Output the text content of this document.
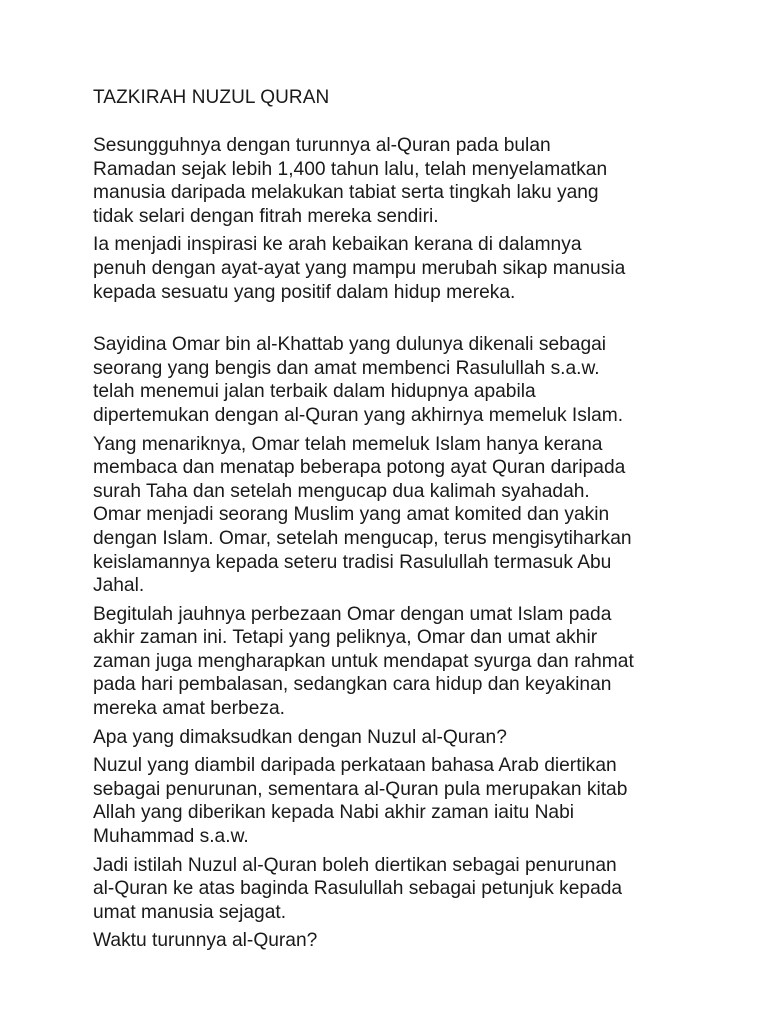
TAZKIRAH NUZUL QURAN

Sesungguhnya dengan turunnya al-Quran pada bulan
Ramadan sejak lebih 1,400 tahun lalu, telah menyelamatkan
manusia daripada melakukan tabiat serta tingkah laku yang
tidak selari dengan fitrah mereka sendiri.

Ia menjadi inspirasi ke arah kebaikan kerana di dalamnya
penuh dengan ayat-ayat yang mampu merubah sikap manusia
kepada sesuatu yang positif dalam hidup mereka.

Sayidina Omar bin al-Khattab yang dulunya dikenali sebagai
seorang yang bengis dan amat membenci Rasulullah s.a.w.
telah menemui jalan terbaik dalam hidupnya apabila
dipertemukan dengan al-Quran yang akhirnya memeluk Islam.

Yang menariknya, Omar telah memeluk Islam hanya kerana
membaca dan menatap beberapa potong ayat Quran daripada
surah Taha dan setelah mengucap dua kalimah syahadah.
Omar menjadi seorang Muslim yang amat komited dan yakin
dengan Islam. Omar, setelah mengucap, terus mengisytiharkan
keislamannya kepada seteru tradisi Rasulullah termasuk Abu
Jahal.

Begitulah jauhnya perbezaan Omar dengan umat Islam pada
akhir zaman ini. Tetapi yang peliknya, Omar dan umat akhir
zaman juga mengharapkan untuk mendapat syurga dan rahmat
pada hari pembalasan, sedangkan cara hidup dan keyakinan
mereka amat berbeza.

Apa yang dimaksudkan dengan Nuzul al-Quran?

Nuzul yang diambil daripada perkataan bahasa Arab diertikan
sebagai penurunan, sementara al-Quran pula merupakan kitab
Allah yang diberikan kepada Nabi akhir zaman iaitu Nabi
Muhammad s.a.w.

Jadi istilah Nuzul al-Quran boleh diertikan sebagai penurunan
al-Quran ke atas baginda Rasulullah sebagai petunjuk kepada
umat manusia sejagat.

Waktu turunnya al-Quran?
